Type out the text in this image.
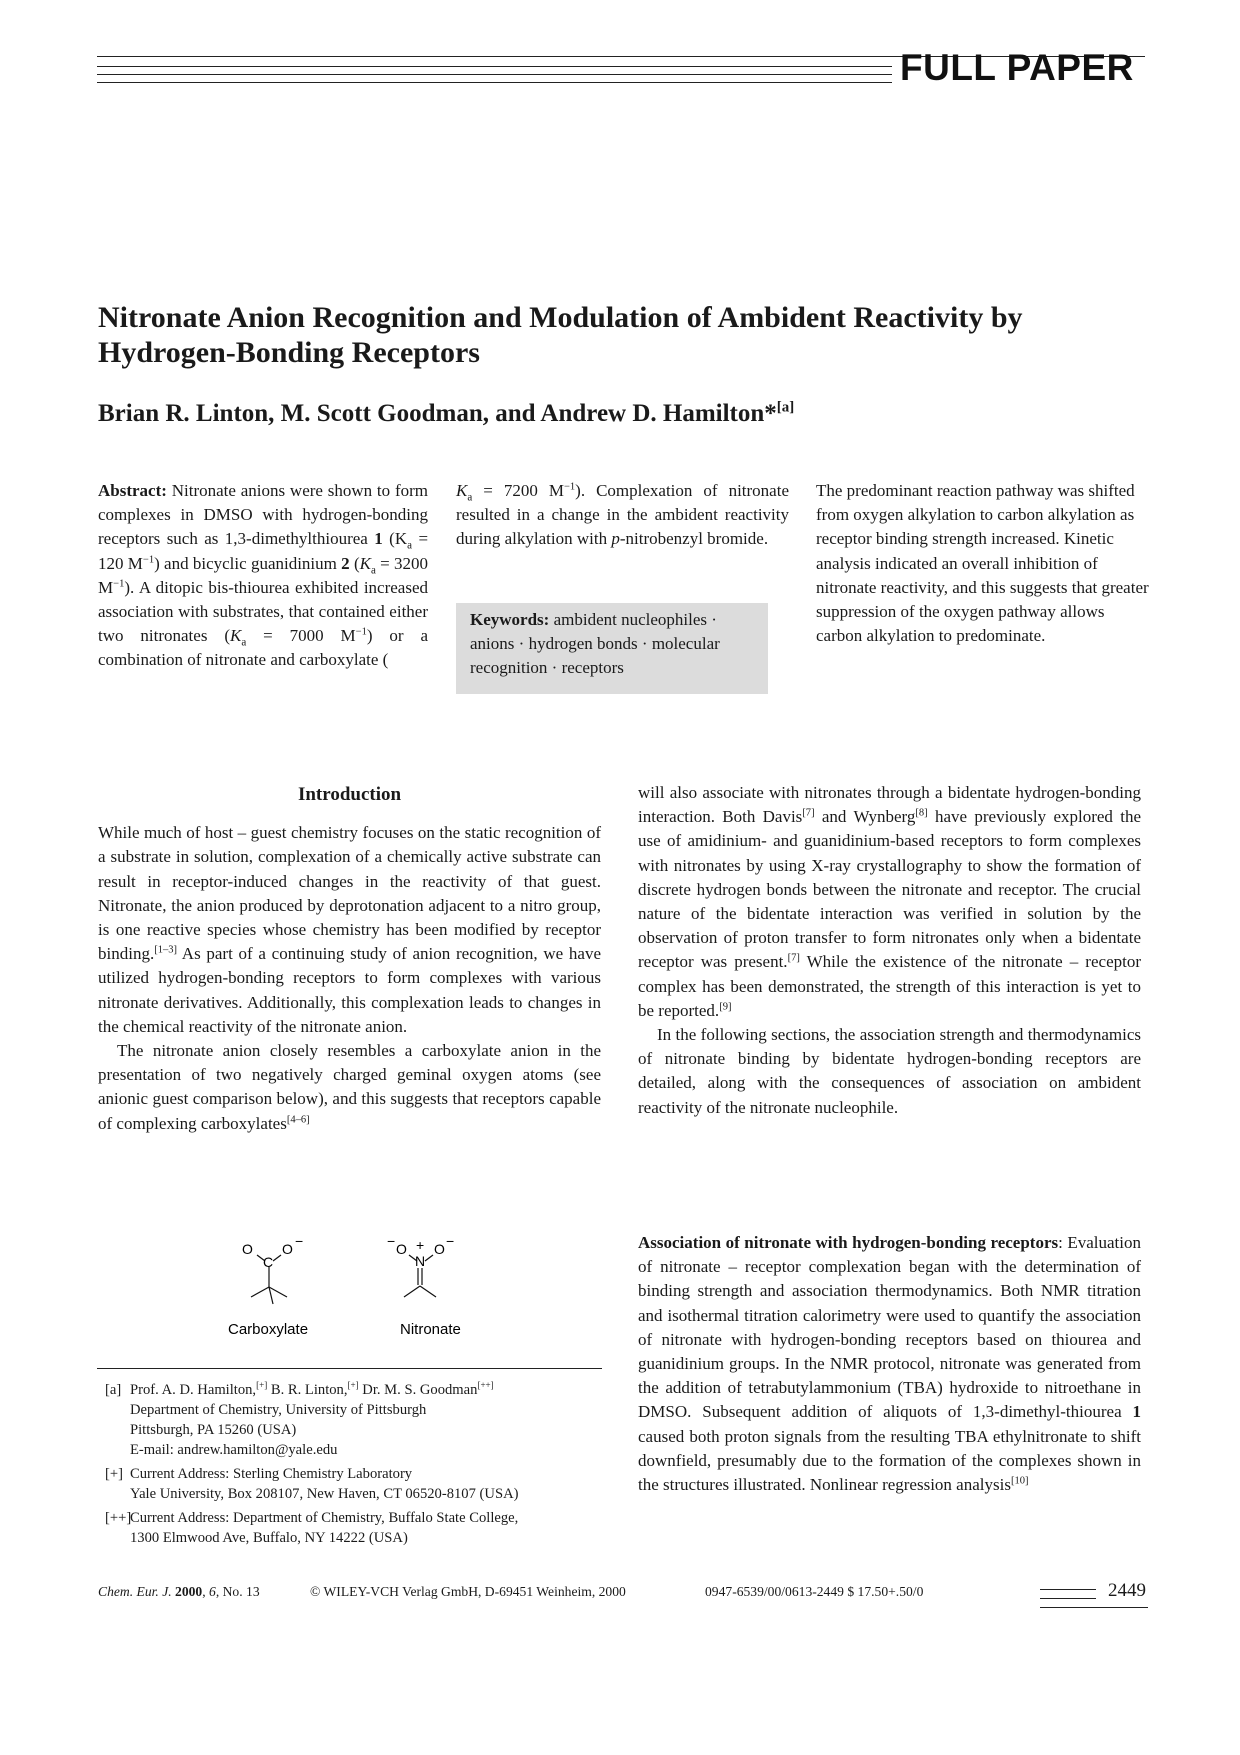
FULL PAPER
Nitronate Anion Recognition and Modulation of Ambident Reactivity by Hydrogen-Bonding Receptors
Brian R. Linton, M. Scott Goodman, and Andrew D. Hamilton*[a]

Abstract: Nitronate anions were shown to form complexes in DMSO with hydrogen-bonding receptors such as 1,3-dimethylthiourea 1 ($K_a = 120$ $M^{-1}$) and bicyclic guanidinium 2 ($K_a = 3200$ $M^{-1}$). A ditopic bis-thiourea exhibited increased association with substrates, that contained either two nitronates ($K_a = 7000$ $M^{-1}$) or a combination of nitronate and carboxylate (

$K_a = 7200$ $M^{-1}$). Complexation of nitronate resulted in a change in the ambident reactivity during alkylation with p-nitrobenzyl bromide.

Keywords: ambident nucleophiles · anions · hydrogen bonds · molecular recognition · receptors

The predominant reaction pathway was shifted from oxygen alkylation to carbon alkylation as receptor binding strength increased. Kinetic analysis indicated an overall inhibition of nitronate reactivity, and this suggests that greater suppression of the oxygen pathway allows carbon alkylation to predominate.

Introduction

While much of host – guest chemistry focuses on the static recognition of a substrate in solution, complexation of a chemically active substrate can result in receptor-induced changes in the reactivity of that guest. Nitronate, the anion produced by deprotonation adjacent to a nitro group, is one reactive species whose chemistry has been modified by receptor binding.[1–3] As part of a continuing study of anion recognition, we have utilized hydrogen-bonding receptors to form complexes with various nitronate derivatives. Additionally, this complexation leads to changes in the chemical reactivity of the nitronate anion.

The nitronate anion closely resembles a carboxylate anion in the presentation of two negatively charged geminal oxygen atoms (see anionic guest comparison below), and this suggests that receptors capable of complexing carboxylates[4–6]

will also associate with nitronates through a bidentate hydrogen-bonding interaction. Both Davis[7] and Wynberg[8] have previously explored the use of amidinium- and guanidinium-based receptors to form complexes with nitronates by using X-ray crystallography to show the formation of discrete hydrogen bonds between the nitronate and receptor. The crucial nature of the bidentate interaction was verified in solution by the observation of proton transfer to form nitronates only when a bidentate receptor was present.[7] While the existence of the nitronate – receptor complex has been demonstrated, the strength of this interaction is yet to be reported.[9]

In the following sections, the association strength and thermodynamics of nitronate binding by bidentate hydrogen-bonding receptors are detailed, along with the consequences of association on ambident reactivity of the nitronate nucleophile.

Association of nitronate with hydrogen-bonding receptors: Evaluation of nitronate – receptor complexation began with the determination of binding strength and association thermodynamics. Both NMR titration and isothermal titration calorimetry were used to quantify the association of nitronate with hydrogen-bonding receptors based on thiourea and guanidinium groups. In the NMR protocol, nitronate was generated from the addition of tetrabutylammonium (TBA) hydroxide to nitroethane in DMSO. Subsequent addition of aliquots of 1,3-dimethyl-thiourea 1 caused both proton signals from the resulting TBA ethylnitronate to shift downfield, presumably due to the formation of the complexes shown in the structures illustrated. Nonlinear regression analysis[10]

O
C
O −
Carboxylate
− O +
N
O −
Nitronate
[a] Prof. A. D. Hamilton,[+] B. R. Linton,[+] Dr. M. S. Goodman[++]
Department of Chemistry, University of Pittsburgh
Pittsburgh, PA 15260 (USA)
E-mail: andrew.hamilton@yale.edu
[+] Current Address: Sterling Chemistry Laboratory
Yale University, Box 208107, New Haven, CT 06520-8107 (USA)
[++]
Current Address: Department of Chemistry, Buffalo State College,
1300 Elmwood Ave, Buffalo, NY 14222 (USA)
Chem. Eur. J. 2000, 6, No. 13	© WILEY-VCH Verlag GmbH, D-69451 Weinheim, 2000	0947-6539/00/0613-2449 $ 17.50+.50/0	2449
